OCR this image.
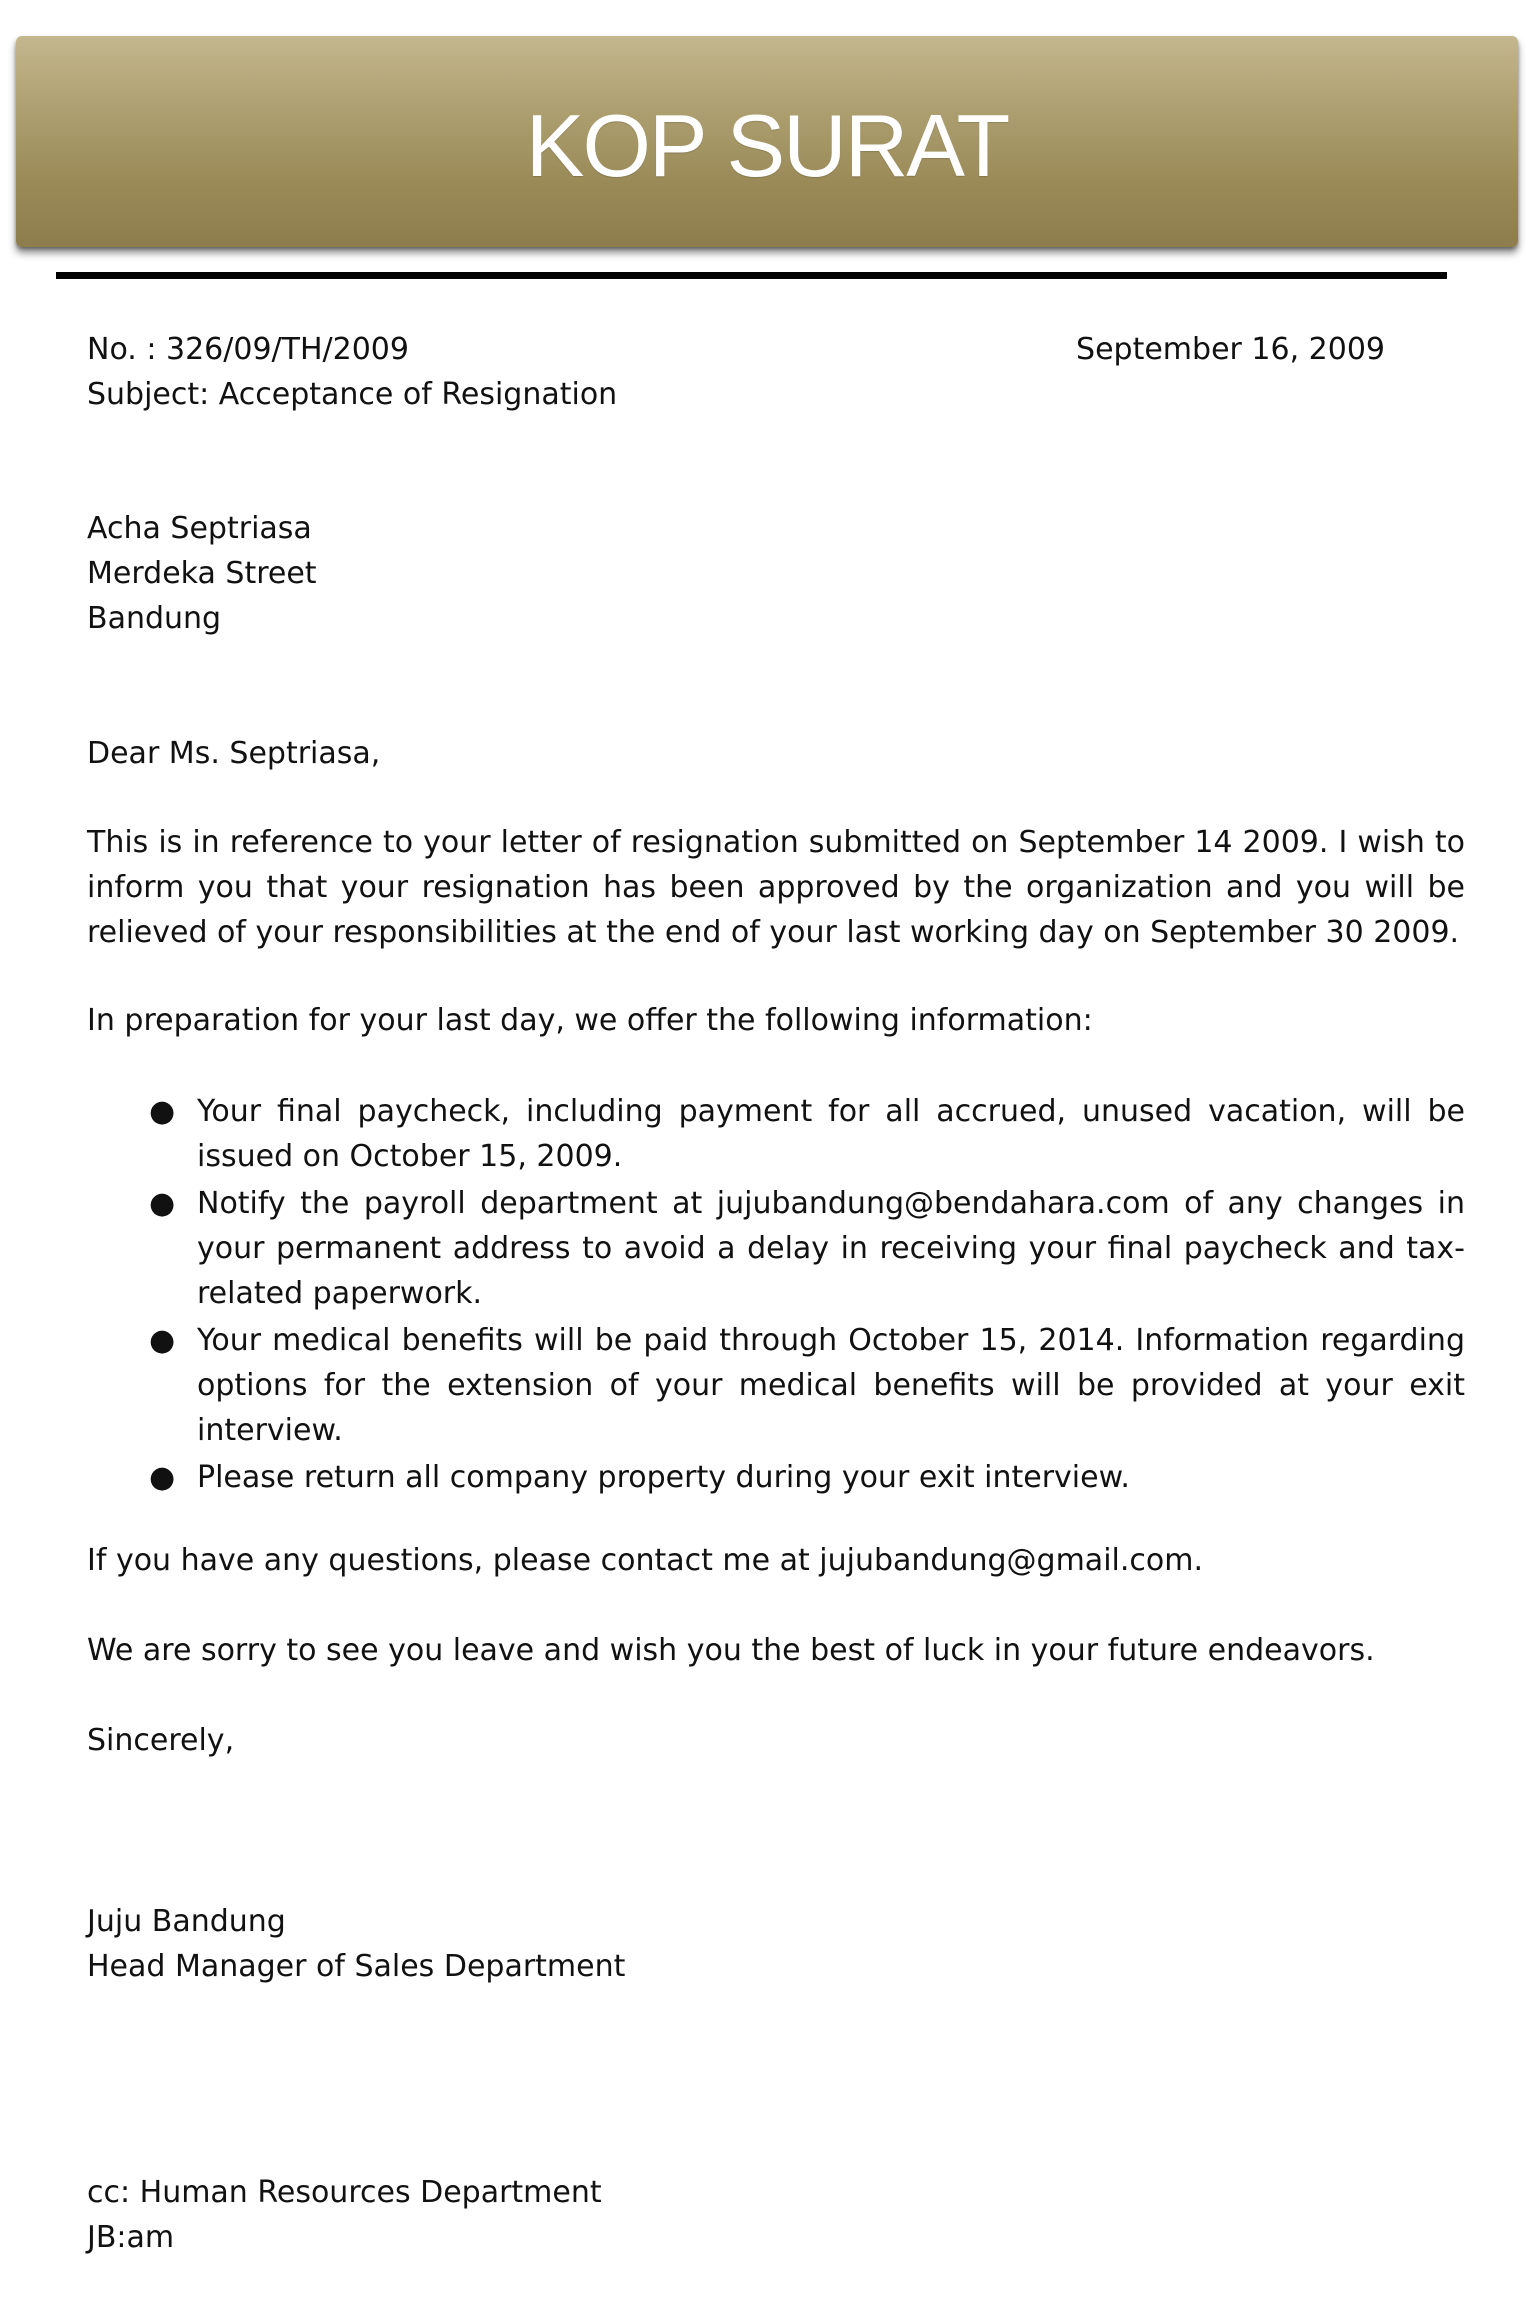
KOP SURAT
No. : 326/09/TH/2009	September 16, 2009
Subject: Acceptance of Resignation
Acha Septriasa
Merdeka Street
Bandung
Dear Ms. Septriasa,
This is in reference to your letter of resignation submitted on September 14 2009. I wish to inform you that your resignation has been approved by the organization and you will be relieved of your responsibilities at the end of your last working day on September 30 2009.
In preparation for your last day, we offer the following information:
● Your final paycheck, including payment for all accrued, unused vacation, will be issued on October 15, 2009.
● Notify the payroll department at jujubandung@bendahara.com of any changes in your permanent address to avoid a delay in receiving your final paycheck and tax-related paperwork.
● Your medical benefits will be paid through October 15, 2014. Information regarding options for the extension of your medical benefits will be provided at your exit interview.
● Please return all company property during your exit interview.
If you have any questions, please contact me at jujubandung@gmail.com.
We are sorry to see you leave and wish you the best of luck in your future endeavors.
Sincerely,
Juju Bandung
Head Manager of Sales Department
cc: Human Resources Department
JB:am
